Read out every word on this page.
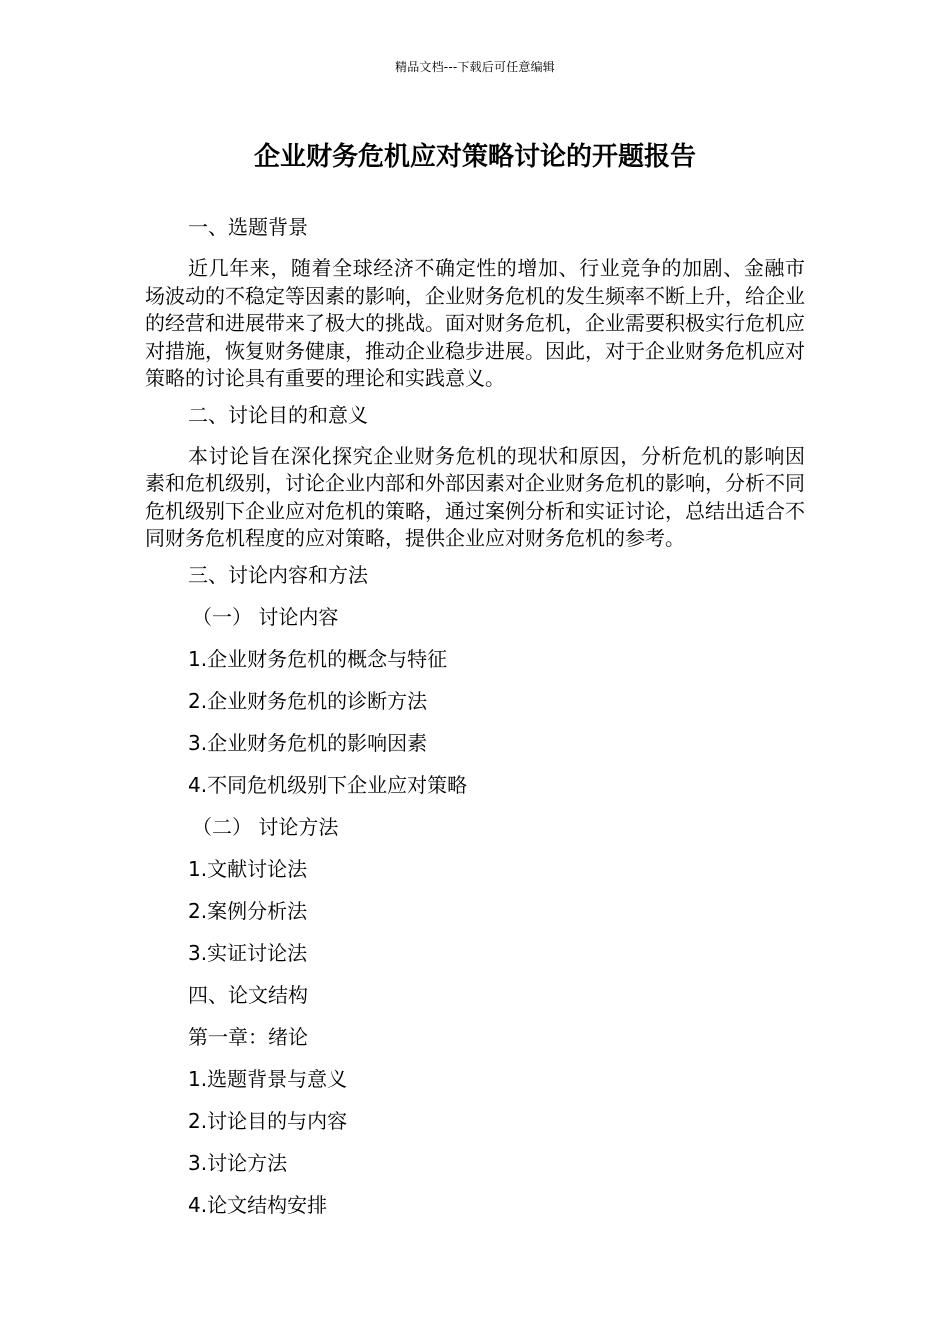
精品文档---下载后可任意编辑
企业财务危机应对策略讨论的开题报告
一、选题背景

近几年来，随着全球经济不确定性的增加、行业竞争的加剧、金融市场波动的不稳定等因素的影响，企业财务危机的发生频率不断上升，给企业的经营和进展带来了极大的挑战。面对财务危机，企业需要积极实行危机应对措施，恢复财务健康，推动企业稳步进展。因此，对于企业财务危机应对策略的讨论具有重要的理论和实践意义。

二、讨论目的和意义

本讨论旨在深化探究企业财务危机的现状和原因，分析危机的影响因素和危机级别，讨论企业内部和外部因素对企业财务危机的影响，分析不同危机级别下企业应对危机的策略，通过案例分析和实证讨论，总结出适合不同财务危机程度的应对策略，提供企业应对财务危机的参考。

三、讨论内容和方法
（一） 讨论内容
1.企业财务危机的概念与特征
2.企业财务危机的诊断方法
3.企业财务危机的影响因素
4.不同危机级别下企业应对策略
（二） 讨论方法
1.文献讨论法
2.案例分析法
3.实证讨论法
四、论文结构
第一章：绪论
1.选题背景与意义
2.讨论目的与内容
3.讨论方法
4.论文结构安排
